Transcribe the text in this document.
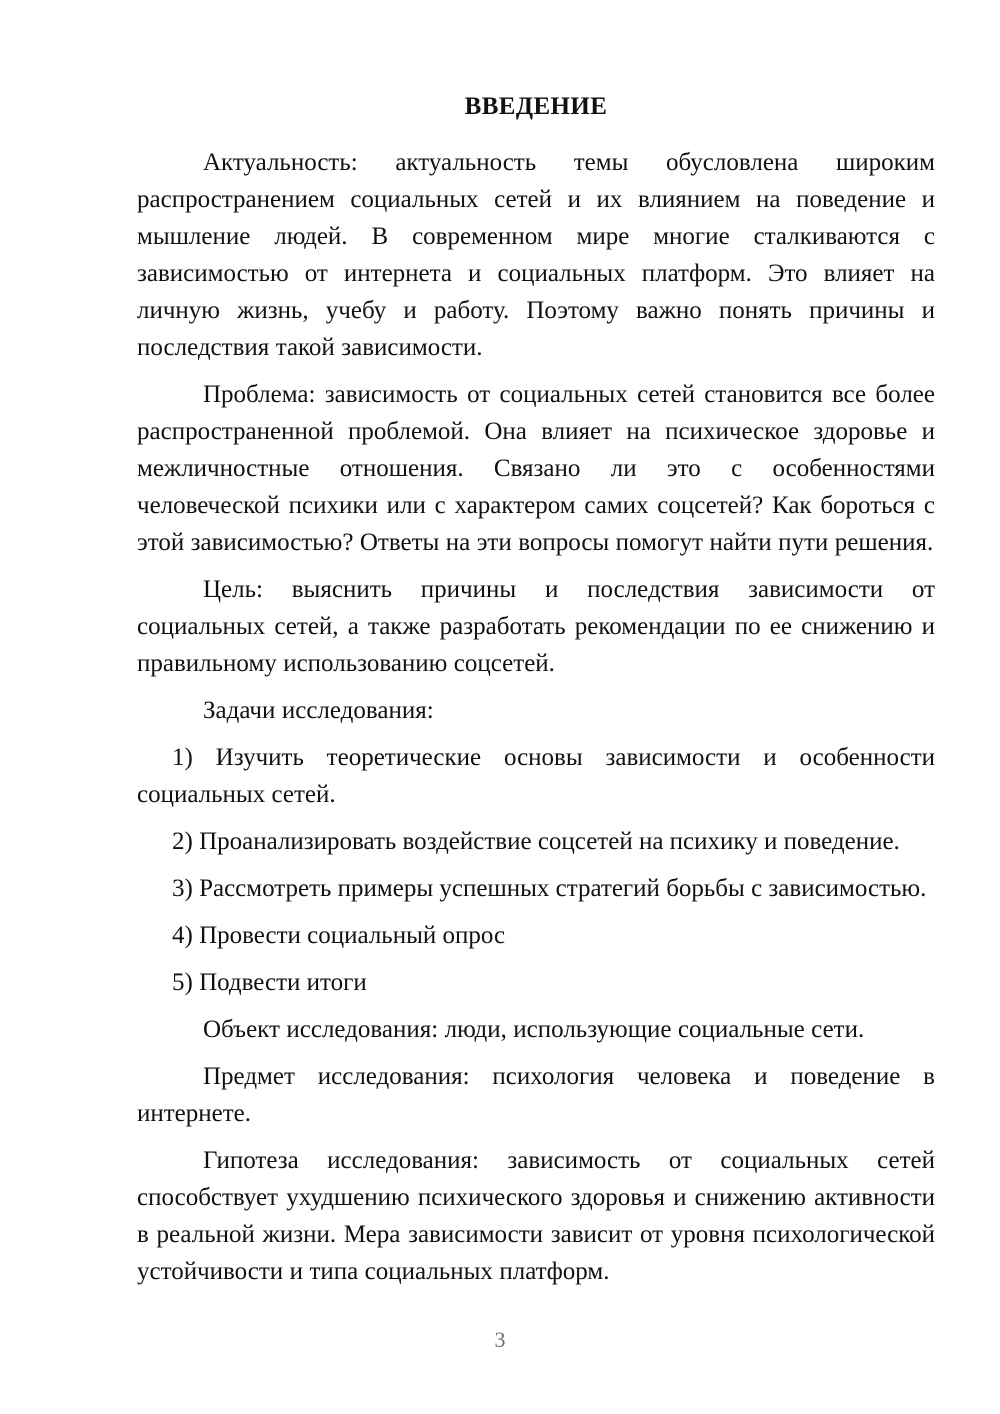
ВВЕДЕНИЕ

Актуальность: актуальность темы обусловлена широким распространением социальных сетей и их влиянием на поведение и мышление людей. В современном мире многие сталкиваются с зависимостью от интернета и социальных платформ. Это влияет на личную жизнь, учебу и работу. Поэтому важно понять причины и последствия такой зависимости.

Проблема: зависимость от социальных сетей становится все более распространенной проблемой. Она влияет на психическое здоровье и межличностные отношения. Связано ли это с особенностями человеческой психики или с характером самих соцсетей? Как бороться с этой зависимостью? Ответы на эти вопросы помогут найти пути решения.

Цель: выяснить причины и последствия зависимости от социальных сетей, а также разработать рекомендации по ее снижению и правильному использованию соцсетей.

Задачи исследования:

1) Изучить теоретические основы зависимости и особенности социальных сетей.

2) Проанализировать воздействие соцсетей на психику и поведение.

3) Рассмотреть примеры успешных стратегий борьбы с зависимостью.

4) Провести социальный опрос

5) Подвести итоги

Объект исследования: люди, использующие социальные сети.

Предмет исследования: психология человека и поведение в интернете.

Гипотеза исследования: зависимость от социальных сетей способствует ухудшению психического здоровья и снижению активности в реальной жизни. Мера зависимости зависит от уровня психологической устойчивости и типа социальных платформ.

3
